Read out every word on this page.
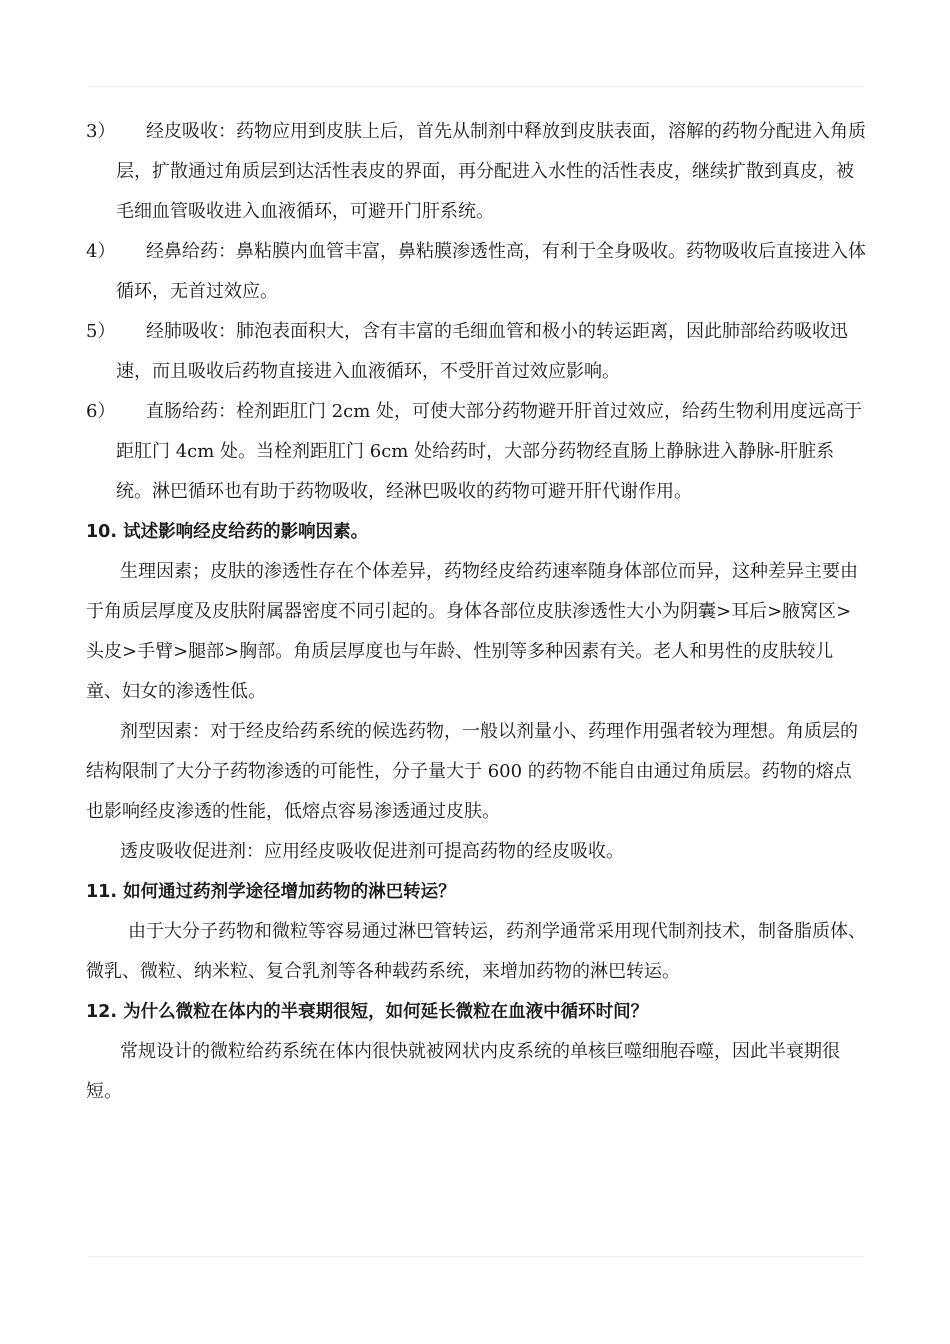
3） 经皮吸收：药物应用到皮肤上后，首先从制剂中释放到皮肤表面，溶解的药物分配进入角质层，扩散通过角质层到达活性表皮的界面，再分配进入水性的活性表皮，继续扩散到真皮，被毛细血管吸收进入血液循环，可避开门肝系统。

4） 经鼻给药：鼻粘膜内血管丰富，鼻粘膜渗透性高，有利于全身吸收。药物吸收后直接进入体循环，无首过效应。

5） 经肺吸收：肺泡表面积大，含有丰富的毛细血管和极小的转运距离，因此肺部给药吸收迅速，而且吸收后药物直接进入血液循环，不受肝首过效应影响。

6） 直肠给药：栓剂距肛门 2cm 处，可使大部分药物避开肝首过效应，给药生物利用度远高于距肛门 4cm 处。当栓剂距肛门 6cm 处给药时，大部分药物经直肠上静脉进入静脉-肝脏系统。淋巴循环也有助于药物吸收，经淋巴吸收的药物可避开肝代谢作用。

10. 试述影响经皮给药的影响因素。

生理因素；皮肤的渗透性存在个体差异，药物经皮给药速率随身体部位而异，这种差异主要由于角质层厚度及皮肤附属器密度不同引起的。身体各部位皮肤渗透性大小为阴囊>耳后>腋窝区>头皮>手臂>腿部>胸部。角质层厚度也与年龄、性别等多种因素有关。老人和男性的皮肤较儿童、妇女的渗透性低。

剂型因素：对于经皮给药系统的候选药物，一般以剂量小、药理作用强者较为理想。角质层的结构限制了大分子药物渗透的可能性，分子量大于 600 的药物不能自由通过角质层。药物的熔点也影响经皮渗透的性能，低熔点容易渗透通过皮肤。

透皮吸收促进剂：应用经皮吸收促进剂可提高药物的经皮吸收。

11. 如何通过药剂学途径增加药物的淋巴转运？

由于大分子药物和微粒等容易通过淋巴管转运，药剂学通常采用现代制剂技术，制备脂质体、微乳、微粒、纳米粒、复合乳剂等各种载药系统，来增加药物的淋巴转运。

12. 为什么微粒在体内的半衰期很短，如何延长微粒在血液中循环时间？

常规设计的微粒给药系统在体内很快就被网状内皮系统的单核巨噬细胞吞噬，因此半衰期很短。
